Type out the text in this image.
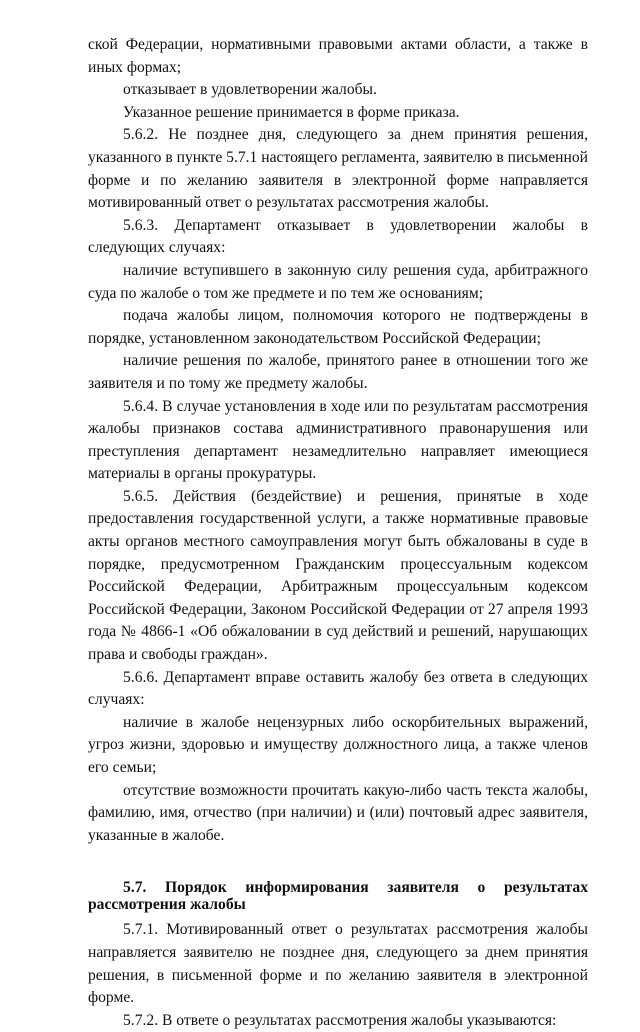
ской Федерации, нормативными правовыми актами области, а также в иных формах;

отказывает в удовлетворении жалобы.

Указанное решение принимается в форме приказа.

5.6.2. Не позднее дня, следующего за днем принятия решения, указанного в пункте 5.7.1 настоящего регламента, заявителю в письменной форме и по желанию заявителя в электронной форме направляется мотивированный ответ о результатах рассмотрения жалобы.

5.6.3. Департамент отказывает в удовлетворении жалобы в следующих случаях:

наличие вступившего в законную силу решения суда, арбитражного суда по жалобе о том же предмете и по тем же основаниям;

подача жалобы лицом, полномочия которого не подтверждены в порядке, установленном законодательством Российской Федерации;

наличие решения по жалобе, принятого ранее в отношении того же заявителя и по тому же предмету жалобы.

5.6.4. В случае установления в ходе или по результатам рассмотрения жалобы признаков состава административного правонарушения или преступления департамент незамедлительно направляет имеющиеся материалы в органы прокуратуры.

5.6.5. Действия (бездействие) и решения, принятые в ходе предоставления государственной услуги, а также нормативные правовые акты органов местного самоуправления могут быть обжалованы в суде в порядке, предусмотренном Гражданским процессуальным кодексом Российской Федерации, Арбитражным процессуальным кодексом Российской Федерации, Законом Российской Федерации от 27 апреля 1993 года № 4866-1 «Об обжаловании в суд действий и решений, нарушающих права и свободы граждан».

5.6.6. Департамент вправе оставить жалобу без ответа в следующих случаях:

наличие в жалобе нецензурных либо оскорбительных выражений, угроз жизни, здоровью и имуществу должностного лица, а также членов его семьи;

отсутствие возможности прочитать какую-либо часть текста жалобы, фамилию, имя, отчество (при наличии) и (или) почтовый адрес заявителя, указанные в жалобе.

5.7. Порядок информирования заявителя о результатах

рассмотрения жалобы

5.7.1. Мотивированный ответ о результатах рассмотрения жалобы направляется заявителю не позднее дня, следующего за днем принятия решения, в письменной форме и по желанию заявителя в электронной форме.

5.7.2. В ответе о результатах рассмотрения жалобы указываются:
